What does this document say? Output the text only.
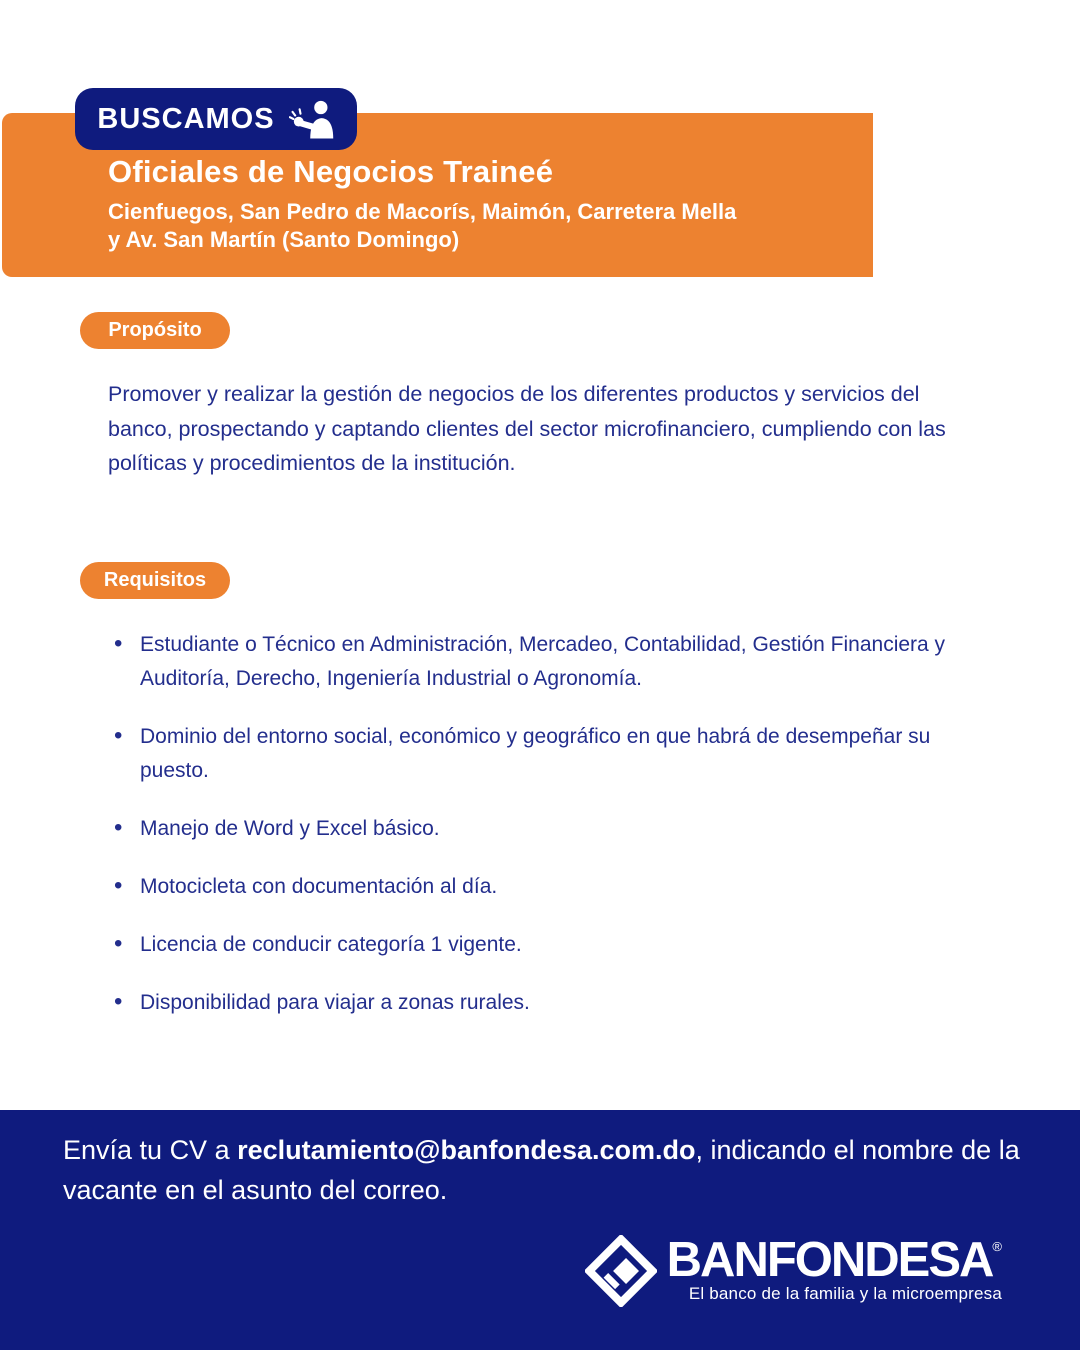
Oficiales de Negocios Traineé
Cienfuegos, San Pedro de Macorís, Maimón, Carretera Mella
y Av. San Martín (Santo Domingo)
BUSCAMOS
Propósito
Promover y realizar la gestión de negocios de los diferentes productos y servicios del banco, prospectando y captando clientes del sector microfinanciero, cumpliendo con las políticas y procedimientos de la institución.
Requisitos
• Estudiante o Técnico en Administración, Mercadeo, Contabilidad, Gestión Financiera y Auditoría, Derecho, Ingeniería Industrial o Agronomía.
• Dominio del entorno social, económico y geográfico en que habrá de desempeñar su puesto.
• Manejo de Word y Excel básico.
• Motocicleta con documentación al día.
• Licencia de conducir categoría 1 vigente.
• Disponibilidad para viajar a zonas rurales.
Envía tu CV a reclutamiento@banfondesa.com.do, indicando el nombre de la vacante en el asunto del correo.
BANFONDESA ®
El banco de la familia y la microempresa
